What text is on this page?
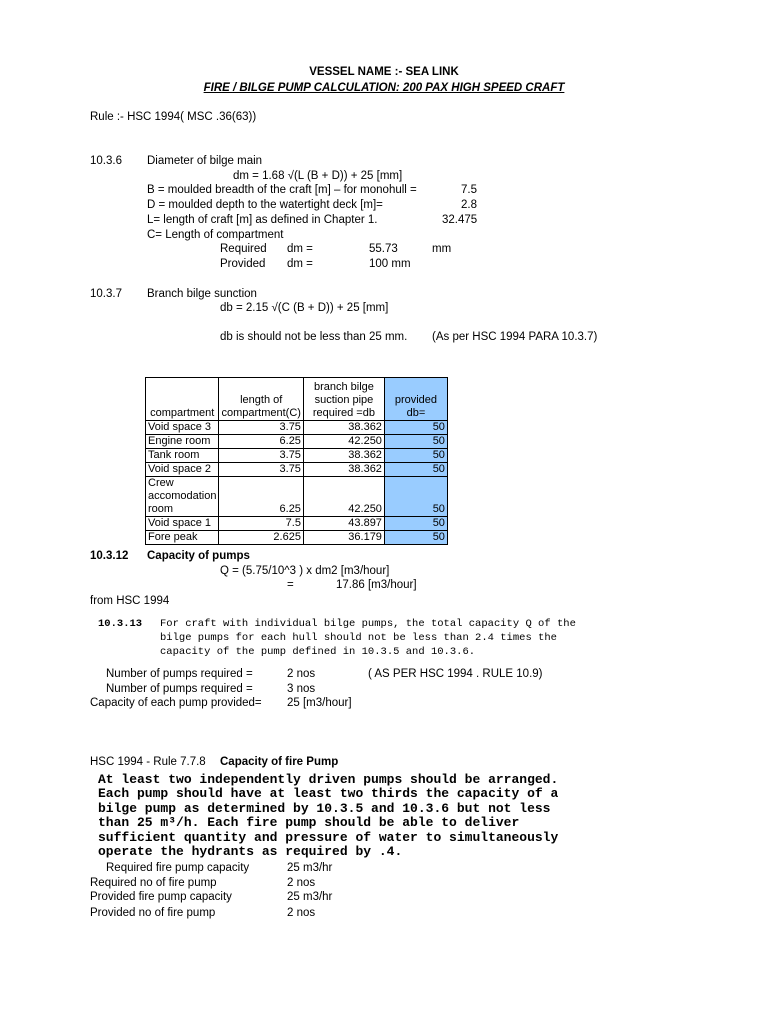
VESSEL NAME :- SEA LINK
FIRE / BILGE PUMP CALCULATION: 200 PAX HIGH SPEED CRAFT
Rule :- HSC 1994( MSC .36(63))
10.3.6 Diameter of bilge main
dm = 1.68 √(L (B + D)) + 25 [mm]
B = moulded breadth of the craft [m] – for monohull =	7.5
D = moulded depth to the watertight deck [m]=	2.8
L= length of craft [m] as defined in Chapter 1.	32.475
C= Length of compartment
Required dm =	55.73	mm
Provided dm =	100 mm
10.3.7 Branch bilge sunction
db = 2.15 √(C (B + D)) + 25 [mm]
db is should not be less than 25 mm. (As per HSC 1994 PARA 10.3.7)
compartment	length of compartment(C)	branch bilge suction pipe required =db	provided db=
Void space 3	3.75	38.362	50
Engine room	6.25	42.250	50
Tank room	3.75	38.362	50
Void space 2	3.75	38.362	50
Crew accomodation room	6.25	42.250	50
Void space 1	7.5	43.897	50
Fore peak	2.625	36.179	50
10.3.12 Capacity of pumps
Q = (5.75/10^3 ) x dm2 [m3/hour]
=	17.86 [m3/hour]
from HSC 1994
10.3.13 For craft with individual bilge pumps, the total capacity Q of the
bilge pumps for each hull should not be less than 2.4 times the
capacity of the pump defined in 10.3.5 and 10.3.6.
Number of pumps required =	2 nos	( AS PER HSC 1994 . RULE 10.9)
Number of pumps required =	3 nos
Capacity of each pump provided= 25 [m3/hour]
HSC 1994 - Rule 7.7.8 Capacity of fire Pump
At least two independently driven pumps should be arranged.
Each pump should have at least two thirds the capacity of a
bilge pump as determined by 10.3.5 and 10.3.6 but not less
than 25 m³/h. Each fire pump should be able to deliver
sufficient quantity and pressure of water to simultaneously
operate the hydrants as required by .4.
Required fire pump capacity	25 m3/hr
Required no of fire pump	2 nos
Provided fire pump capacity	25 m3/hr
Provided no of fire pump	2 nos
